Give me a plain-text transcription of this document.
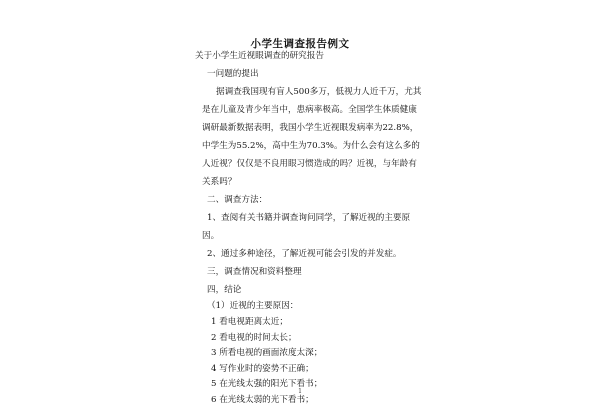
小学生调查报告例文
关于小学生近视眼调查的研究报告
一问题的提出
据调查我国现有盲人500多万，低视力人近千万，尤其
是在儿童及青少年当中，患病率极高。全国学生体质健康
调研最新数据表明，我国小学生近视眼发病率为22.8%，
中学生为55.2%，高中生为70.3%。为什么会有这么多的
人近视？仅仅是不良用眼习惯造成的吗？近视，与年龄有
关系吗？
二、调查方法：
1、查阅有关书籍并调查询问同学，了解近视的主要原
因。
2、通过多种途径，了解近视可能会引发的并发症。
三，调查情况和资料整理
四，结论
（1）近视的主要原因：
1 看电视距离太近；
2 看电视的时间太长；
3 所看电视的画面浓度太深；
4 写作业时的姿势不正确；
5 在光线太强的阳光下看书；
6 在光线太弱的光下看书；
1
